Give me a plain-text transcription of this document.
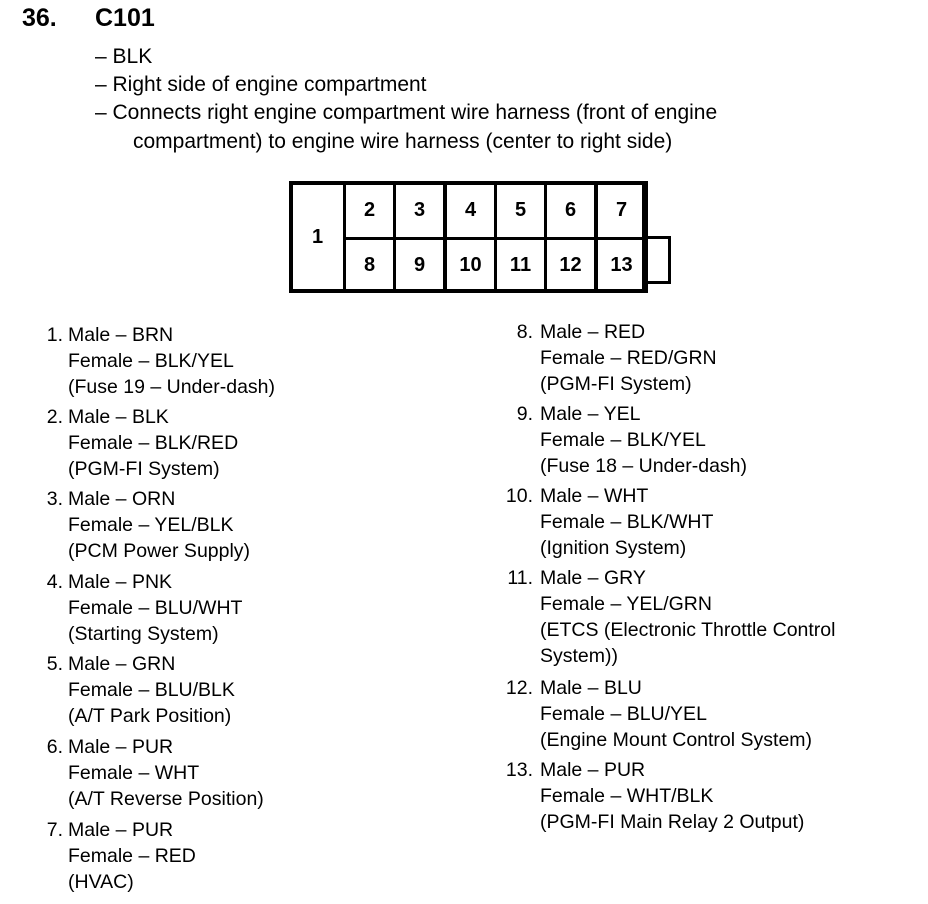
36. C101
– BLK
– Right side of engine compartment
– Connects right engine compartment wire harness (front of engine
compartment) to engine wire harness (center to right side)
1
2	3	4	5	6	7
8	9	10	11	12	13
1. Male – BRN
Female – BLK/YEL
(Fuse 19 – Under-dash)
2. Male – BLK
Female – BLK/RED
(PGM-FI System)
3. Male – ORN
Female – YEL/BLK
(PCM Power Supply)
4. Male – PNK
Female – BLU/WHT
(Starting System)
5. Male – GRN
Female – BLU/BLK
(A/T Park Position)
6. Male – PUR
Female – WHT
(A/T Reverse Position)
7. Male – PUR
Female – RED
(HVAC)
8. Male – RED
Female – RED/GRN
(PGM-FI System)
9. Male – YEL
Female – BLK/YEL
(Fuse 18 – Under-dash)
10. Male – WHT
Female – BLK/WHT
(Ignition System)
11. Male – GRY
Female – YEL/GRN
(ETCS (Electronic Throttle Control
System))
12. Male – BLU
Female – BLU/YEL
(Engine Mount Control System)
13. Male – PUR
Female – WHT/BLK
(PGM-FI Main Relay 2 Output)
